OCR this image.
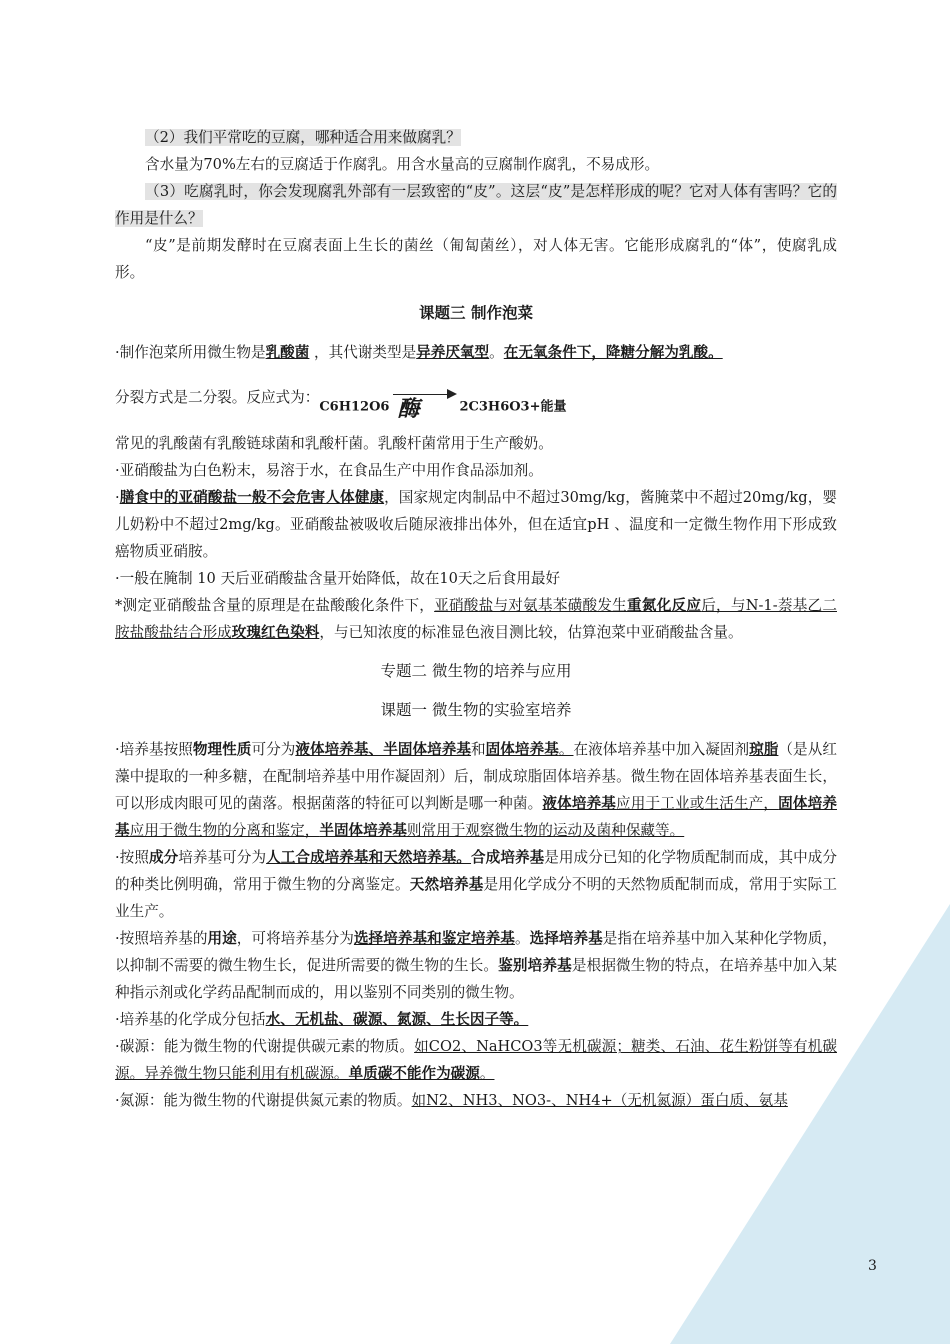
（2）我们平常吃的豆腐，哪种适合用来做腐乳？

含水量为70%左右的豆腐适于作腐乳。用含水量高的豆腐制作腐乳，不易成形。

（3）吃腐乳时，你会发现腐乳外部有一层致密的“皮”。这层“皮”是怎样形成的呢？它对人体有害吗？它的作用是什么？

“皮”是前期发酵时在豆腐表面上生长的菌丝（匍匐菌丝），对人体无害。它能形成腐乳的“体”，使腐乳成形。

课题三 制作泡菜

·制作泡菜所用微生物是乳酸菌 ，其代谢类型是异养厌氧型。在无氧条件下，降糖分解为乳酸。

分裂方式是二分裂。反应式为：C6H12O6 酶	2C3H6O3+能量

常见的乳酸菌有乳酸链球菌和乳酸杆菌。乳酸杆菌常用于生产酸奶。

·亚硝酸盐为白色粉末，易溶于水，在食品生产中用作食品添加剂。

·膳食中的亚硝酸盐一般不会危害人体健康，国家规定肉制品中不超过30mg/kg，酱腌菜中不超过20mg/kg，婴儿奶粉中不超过2mg/kg。亚硝酸盐被吸收后随尿液排出体外，但在适宜pH 、温度和一定微生物作用下形成致癌物质亚硝胺。

·一般在腌制 10 天后亚硝酸盐含量开始降低，故在10天之后食用最好

*测定亚硝酸盐含量的原理是在盐酸酸化条件下，亚硝酸盐与对氨基苯磺酸发生重氮化反应后，与N-1-萘基乙二胺盐酸盐结合形成玫瑰红色染料，与已知浓度的标准显色液目测比较，估算泡菜中亚硝酸盐含量。

专题二 微生物的培养与应用

课题一 微生物的实验室培养

·培养基按照物理性质可分为液体培养基、半固体培养基和固体培养基。在液体培养基中加入凝固剂琼脂（是从红藻中提取的一种多糖，在配制培养基中用作凝固剂）后，制成琼脂固体培养基。微生物在固体培养基表面生长，可以形成肉眼可见的菌落。根据菌落的特征可以判断是哪一种菌。液体培养基应用于工业或生活生产，固体培养基应用于微生物的分离和鉴定，半固体培养基则常用于观察微生物的运动及菌种保藏等。

·按照成分培养基可分为人工合成培养基和天然培养基。合成培养基是用成分已知的化学物质配制而成，其中成分的种类比例明确，常用于微生物的分离鉴定。天然培养基是用化学成分不明的天然物质配制而成，常用于实际工业生产。

·按照培养基的用途，可将培养基分为选择培养基和鉴定培养基。选择培养基是指在培养基中加入某种化学物质，以抑制不需要的微生物生长，促进所需要的微生物的生长。鉴别培养基是根据微生物的特点，在培养基中加入某种指示剂或化学药品配制而成的，用以鉴别不同类别的微生物。

·培养基的化学成分包括水、无机盐、碳源、氮源、生长因子等。

·碳源：能为微生物的代谢提供碳元素的物质。如CO2、NaHCO3等无机碳源；糖类、石油、花生粉饼等有机碳源。异养微生物只能利用有机碳源。单质碳不能作为碳源。

·氮源：能为微生物的代谢提供氮元素的物质。如N2、NH3、NO3-、NH4+（无机氮源）蛋白质、氨基

3
